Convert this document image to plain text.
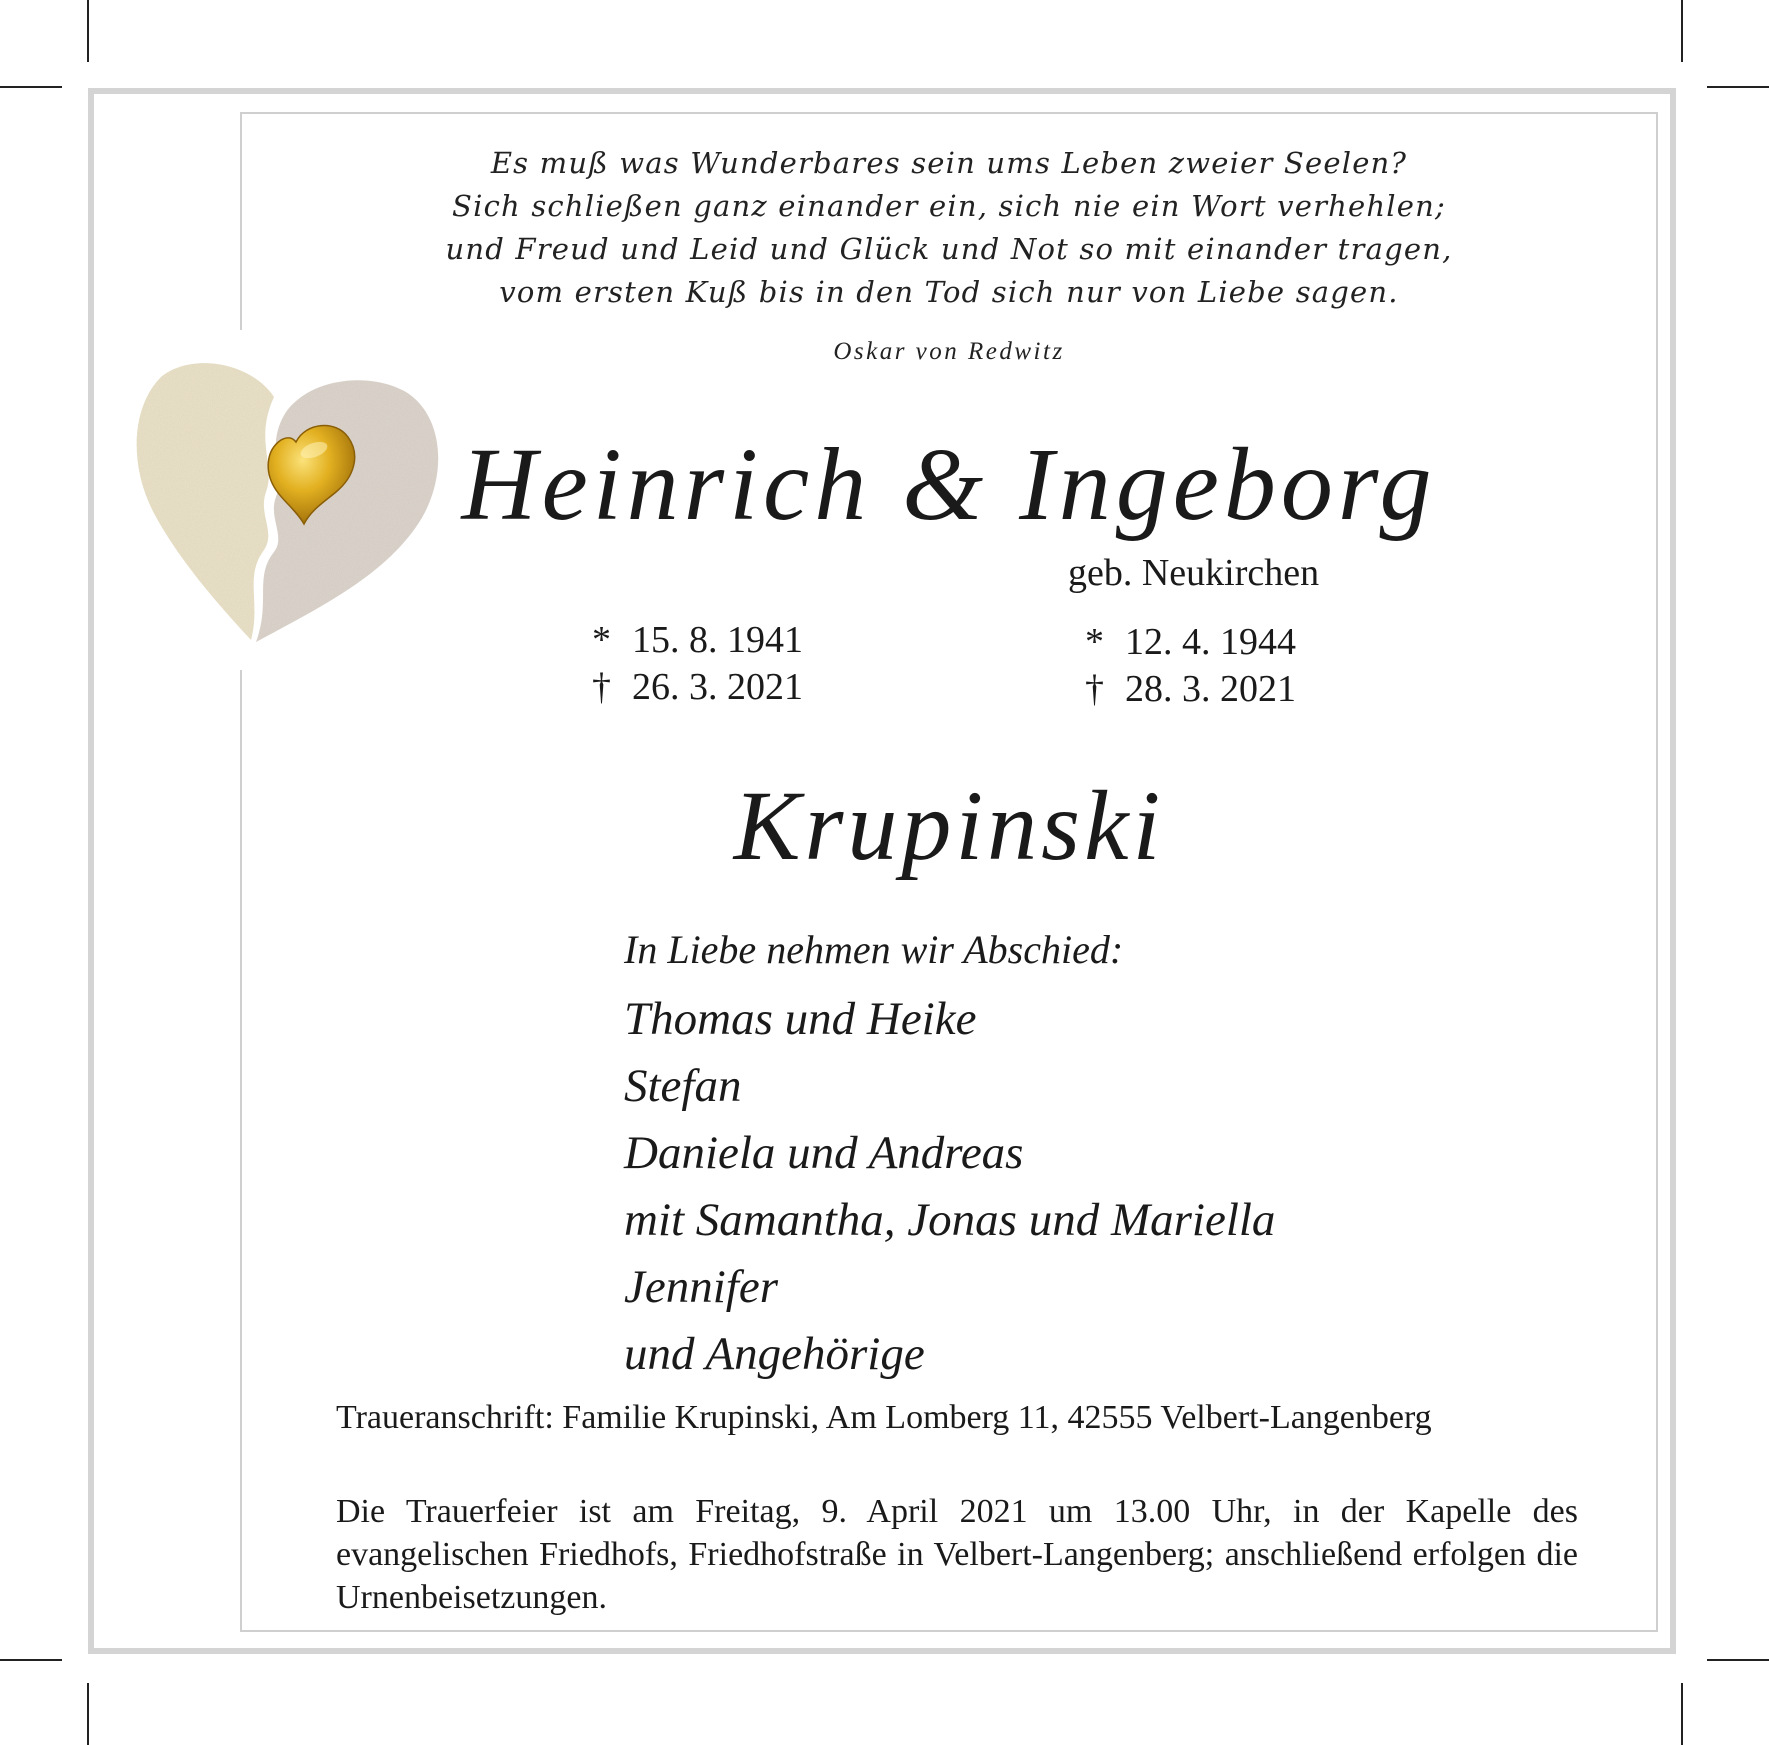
Es muß was Wunderbares sein ums Leben zweier Seelen?
Sich schließen ganz einander ein, sich nie ein Wort verhehlen;
und Freud und Leid und Glück und Not so mit einander tragen,
vom ersten Kuß bis in den Tod sich nur von Liebe sagen.
Oskar von Redwitz
Heinrich & Ingeborg
geb. Neukirchen
* 15. 8. 1941
† 26. 3. 2021
* 12. 4. 1944
† 28. 3. 2021
Krupinski
In Liebe nehmen wir Abschied:
Thomas und Heike
Stefan
Daniela und Andreas
mit Samantha, Jonas und Mariella
Jennifer
und Angehörige
Traueranschrift: Familie Krupinski, Am Lomberg 11, 42555 Velbert-Langenberg
Die Trauerfeier ist am Freitag, 9. April 2021 um 13.00 Uhr, in der Kapelle des evangelischen Friedhofs, Friedhofstraße in Velbert-Langenberg; anschließend erfolgen die Urnenbeisetzungen.
